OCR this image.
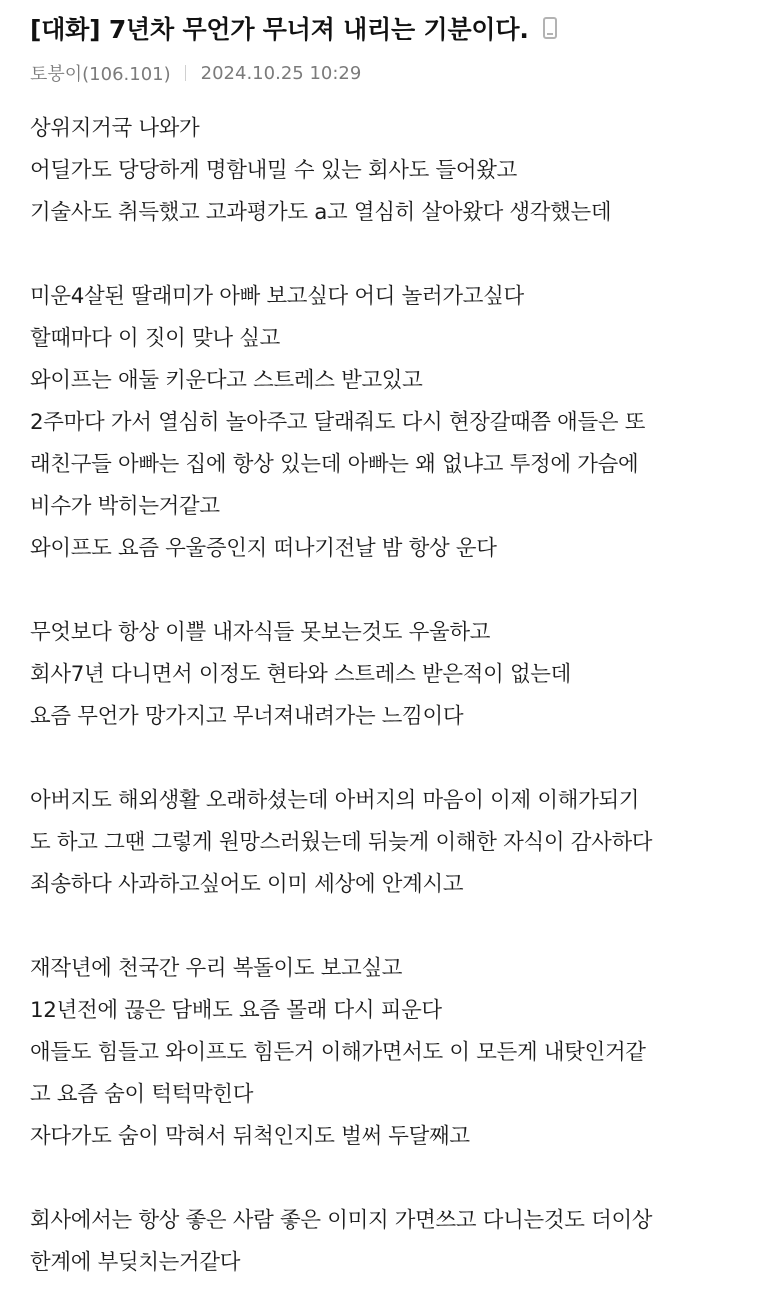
[대화] 7년차 무언가 무너져 내리는 기분이다.
토붕이(106.101) 2024.10.25 10:29
상위지거국 나와가
어딜가도 당당하게 명함내밀 수 있는 회사도 들어왔고
기술사도 취득했고 고과평가도 a고 열심히 살아왔다 생각했는데
미운4살된 딸래미가 아빠 보고싶다 어디 놀러가고싶다
할때마다 이 짓이 맞나 싶고
와이프는 애둘 키운다고 스트레스 받고있고
2주마다 가서 열심히 놀아주고 달래줘도 다시 현장갈때쯤 애들은 또
래친구들 아빠는 집에 항상 있는데 아빠는 왜 없냐고 투정에 가슴에
비수가 박히는거같고
와이프도 요즘 우울증인지 떠나기전날 밤 항상 운다
무엇보다 항상 이쁠 내자식들 못보는것도 우울하고
회사7년 다니면서 이정도 현타와 스트레스 받은적이 없는데
요즘 무언가 망가지고 무너져내려가는 느낌이다
아버지도 해외생활 오래하셨는데 아버지의 마음이 이제 이해가되기
도 하고 그땐 그렇게 원망스러웠는데 뒤늦게 이해한 자식이 감사하다
죄송하다 사과하고싶어도 이미 세상에 안계시고
재작년에 천국간 우리 복돌이도 보고싶고
12년전에 끊은 담배도 요즘 몰래 다시 피운다
애들도 힘들고 와이프도 힘든거 이해가면서도 이 모든게 내탓인거같
고 요즘 숨이 턱턱막힌다
자다가도 숨이 막혀서 뒤척인지도 벌써 두달째고
회사에서는 항상 좋은 사람 좋은 이미지 가면쓰고 다니는것도 더이상
한계에 부딪치는거같다
